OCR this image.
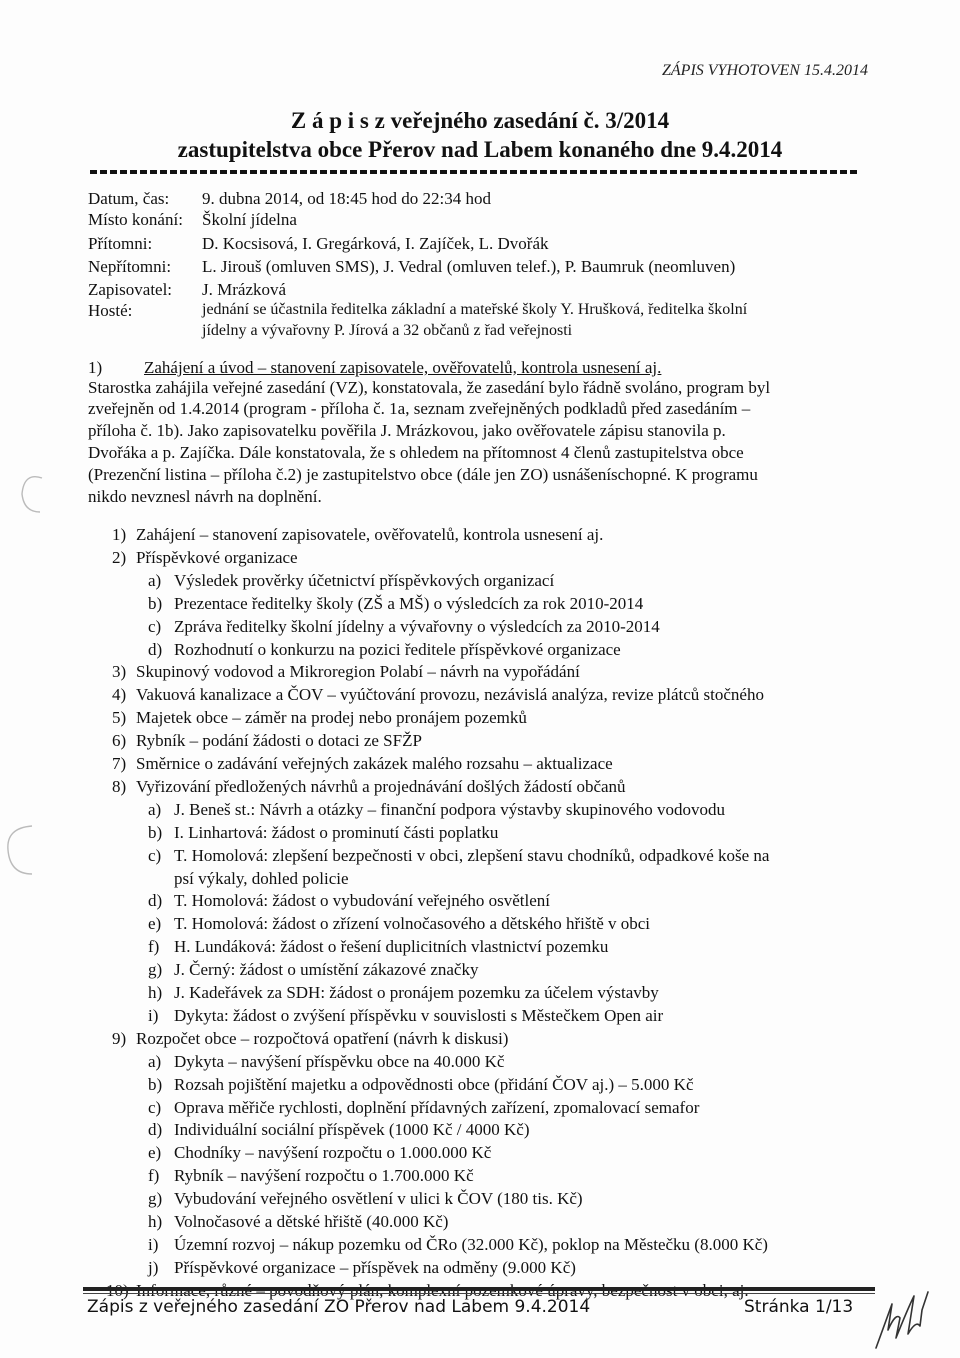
ZÁPIS VYHOTOVEN 15.4.2014
Z á p i s z veřejného zasedání č. 3/2014
zastupitelstva obce Přerov nad Labem konaného dne 9.4.2014
Datum, čas: 9. dubna 2014, od 18:45 hod do 22:34 hod
Místo konání: Školní jídelna
Přítomni:	D. Kocsisová, I. Gregárková, I. Zajíček, L. Dvořák
Nepřítomni: L. Jirouš (omluven SMS), J. Vedral (omluven telef.), P. Baumruk (neomluven)
Zapisovatel: J. Mrázková
Hosté:	jednání se účastnila ředitelka základní a mateřské školy Y. Hrušková, ředitelka školní
jídelny a vývařovny P. Jírová a 32 občanů z řad veřejnosti
1) Zahájení a úvod – stanovení zapisovatele, ověřovatelů, kontrola usnesení aj.
Starostka zahájila veřejné zasedání (VZ), konstatovala, že zasedání bylo řádně svoláno, program byl
zveřejněn od 1.4.2014 (program - příloha č. 1a, seznam zveřejněných podkladů před zasedáním –
příloha č. 1b). Jako zapisovatelku pověřila J. Mrázkovou, jako ověřovatele zápisu stanovila p.
Dvořáka a p. Zajíčka. Dále konstatovala, že s ohledem na přítomnost 4 členů zastupitelstva obce
(Prezenční listina – příloha č.2) je zastupitelstvo obce (dále jen ZO) usnášeníschopné. K programu
nikdo nevznesl návrh na doplnění.
1) Zahájení – stanovení zapisovatele, ověřovatelů, kontrola usnesení aj.
2) Příspěvkové organizace
a) Výsledek prověrky účetnictví příspěvkových organizací
b) Prezentace ředitelky školy (ZŠ a MŠ) o výsledcích za rok 2010-2014
c) Zpráva ředitelky školní jídelny a vývařovny o výsledcích za 2010-2014
d) Rozhodnutí o konkurzu na pozici ředitele příspěvkové organizace
3) Skupinový vodovod a Mikroregion Polabí – návrh na vypořádání
4) Vakuová kanalizace a ČOV – vyúčtování provozu, nezávislá analýza, revize plátců stočného
5) Majetek obce – záměr na prodej nebo pronájem pozemků
6) Rybník – podání žádosti o dotaci ze SFŽP
7) Směrnice o zadávání veřejných zakázek malého rozsahu – aktualizace
8) Vyřizování předložených návrhů a projednávání došlých žádostí občanů
a) J. Beneš st.: Návrh a otázky – finanční podpora výstavby skupinového vodovodu
b) I. Linhartová: žádost o prominutí části poplatku
c) T. Homolová: zlepšení bezpečnosti v obci, zlepšení stavu chodníků, odpadkové koše na
psí výkaly, dohled policie
d) T. Homolová: žádost o vybudování veřejného osvětlení
e) T. Homolová: žádost o zřízení volnočasového a dětského hřiště v obci
f) H. Lundáková: žádost o řešení duplicitních vlastnictví pozemku
g) J. Černý: žádost o umístění zákazové značky
h) J. Kadeřávek za SDH: žádost o pronájem pozemku za účelem výstavby
i) Dykyta: žádost o zvýšení příspěvku v souvislosti s Městečkem Open air
9) Rozpočet obce – rozpočtová opatření (návrh k diskusi)
a) Dykyta – navýšení příspěvku obce na 40.000 Kč
b) Rozsah pojištění majetku a odpovědnosti obce (přidání ČOV aj.) – 5.000 Kč
c) Oprava měřiče rychlosti, doplnění přídavných zařízení, zpomalovací semafor
d) Individuální sociální příspěvek (1000 Kč / 4000 Kč)
e) Chodníky – navýšení rozpočtu o 1.000.000 Kč
f) Rybník – navýšení rozpočtu o 1.700.000 Kč
g) Vybudování veřejného osvětlení v ulici k ČOV (180 tis. Kč)
h) Volnočasové a dětské hřiště (40.000 Kč)
i) Územní rozvoj – nákup pozemku od ČRo (32.000 Kč), poklop na Městečku (8.000 Kč)
j) Příspěvkové organizace – příspěvek na odměny (9.000 Kč)
Zápis z veřejného zasedání ZO Přerov nad Labem 9.4.2014	Stránka 1/13
